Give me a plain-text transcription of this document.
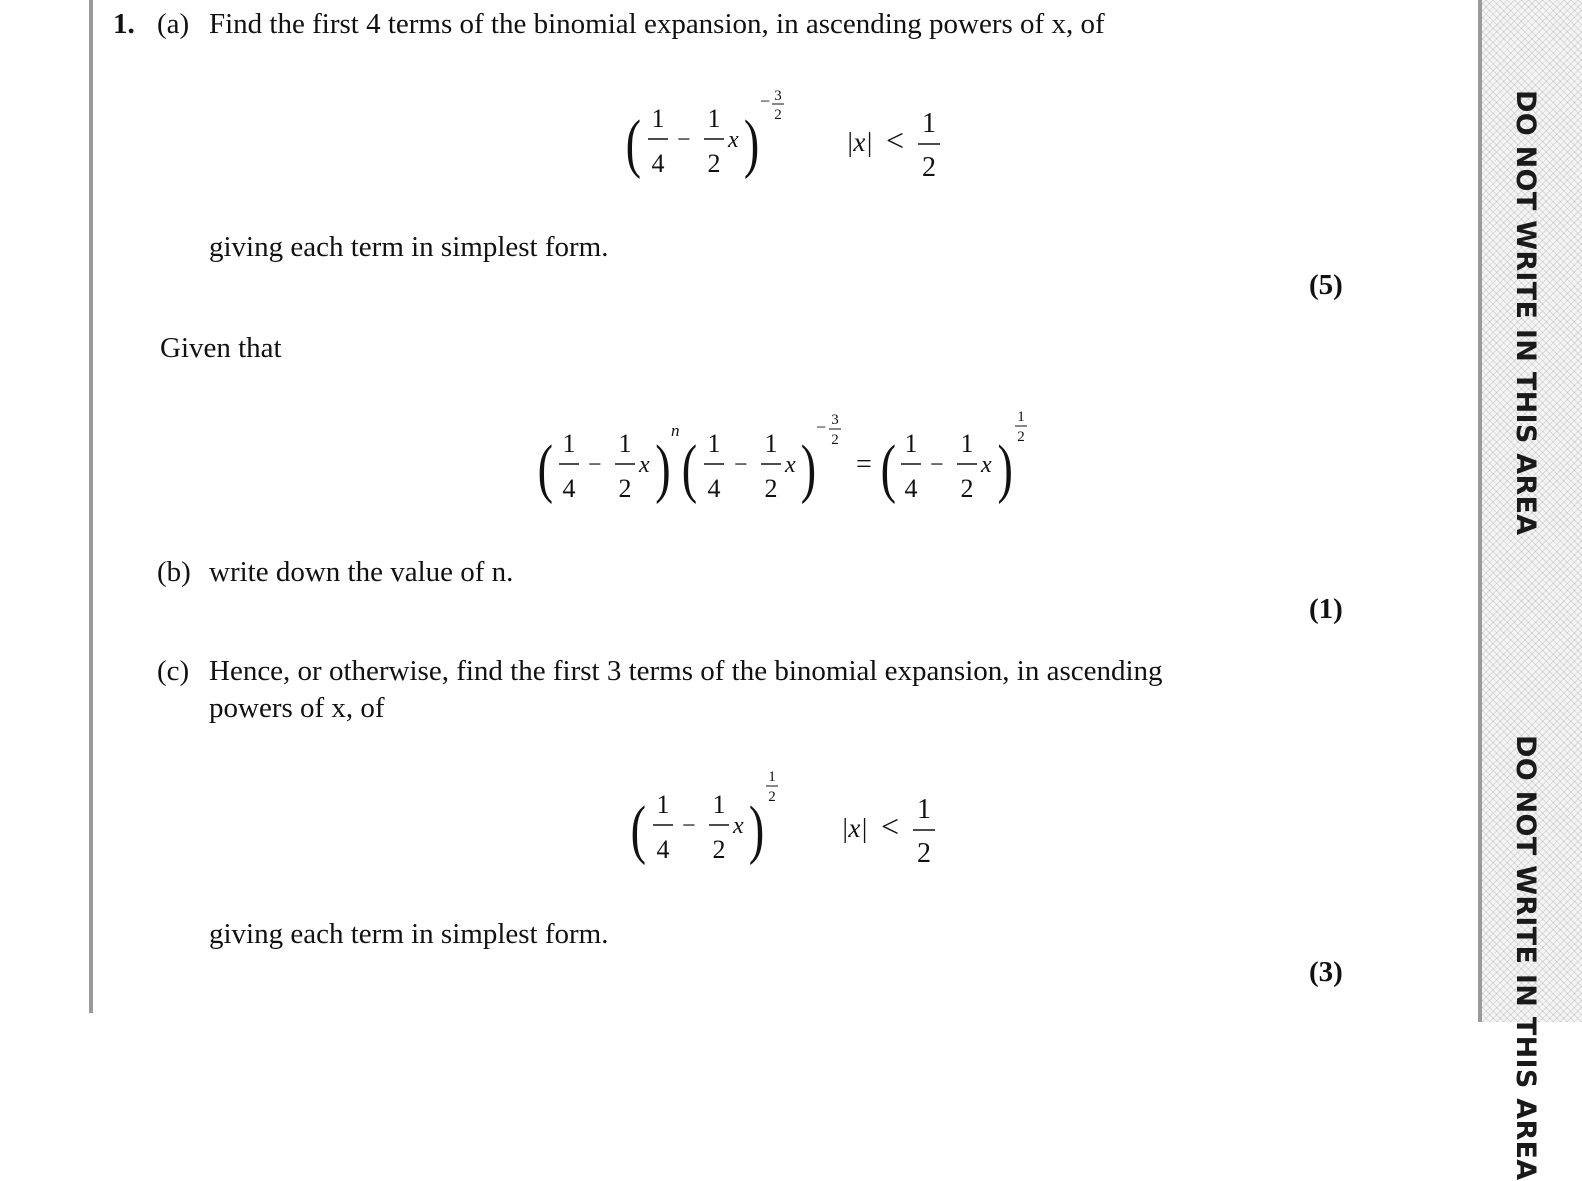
DO NOT WRITE IN THIS AREA
DO NOT WRITE IN THIS AREA
1. (a) Find the first 4 terms of the binomial expansion, in ascending powers of x, of
( 1
4
−
1
2
x )
− 3
2
|x| < 1
2
giving each term in simplest form.
(5)
Given that
( 1
4
−
1
2
x )
n
( 1
4
−
1
2
x )
− 3
2
= ( 1
4
−
1
2
x )
1
2
(b) write down the value of n.
(1)
(c) Hence, or otherwise, find the first 3 terms of the binomial expansion, in ascending
powers of x, of
( 1
4
−
1
2
x )
1
2
|x| < 1
2
giving each term in simplest form.
(3)
